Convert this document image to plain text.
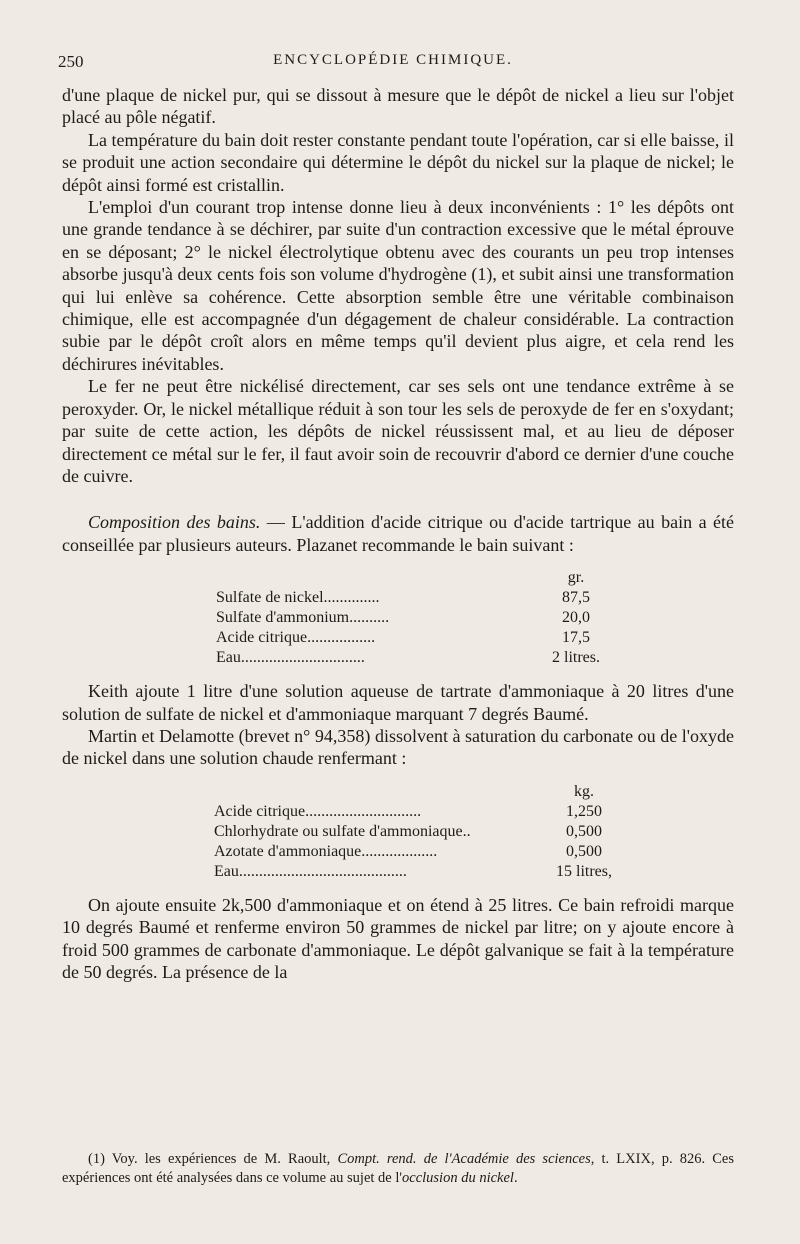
250	ENCYCLOPÉDIE CHIMIQUE.

d'une plaque de nickel pur, qui se dissout à mesure que le dépôt de nickel a lieu sur l'objet placé au pôle négatif.

La température du bain doit rester constante pendant toute l'opération, car si elle baisse, il se produit une action secondaire qui détermine le dépôt du nickel sur la plaque de nickel; le dépôt ainsi formé est cristallin.

L'emploi d'un courant trop intense donne lieu à deux inconvénients : 1° les dépôts ont une grande tendance à se déchirer, par suite d'un contraction excessive que le métal éprouve en se déposant; 2° le nickel électrolytique obtenu avec des courants un peu trop intenses absorbe jusqu'à deux cents fois son volume d'hydrogène (1), et subit ainsi une transformation qui lui enlève sa cohérence. Cette absorption semble être une véritable combinaison chimique, elle est accompagnée d'un dégagement de chaleur considérable. La contraction subie par le dépôt croît alors en même temps qu'il devient plus aigre, et cela rend les déchirures inévitables.

Le fer ne peut être nickélisé directement, car ses sels ont une tendance extrême à se peroxyder. Or, le nickel métallique réduit à son tour les sels de peroxyde de fer en s'oxydant; par suite de cette action, les dépôts de nickel réussissent mal, et au lieu de déposer directement ce métal sur le fer, il faut avoir soin de recouvrir d'abord ce dernier d'une couche de cuivre.

Composition des bains. — L'addition d'acide citrique ou d'acide tartrique au bain a été conseillée par plusieurs auteurs. Plazanet recommande le bain suivant :

gr.
Sulfate de nickel..............	87,5
Sulfate d'ammonium..........	20,0
Acide citrique.................	17,5
Eau...............................	2 litres.

Keith ajoute 1 litre d'une solution aqueuse de tartrate d'ammoniaque à 20 litres d'une solution de sulfate de nickel et d'ammoniaque marquant 7 degrés Baumé.

Martin et Delamotte (brevet n° 94,358) dissolvent à saturation du carbonate ou de l'oxyde de nickel dans une solution chaude renfermant :

kg.
Acide citrique.............................	1,250
Chlorhydrate ou sulfate d'ammoniaque..	0,500
Azotate d'ammoniaque...................	0,500
Eau..........................................	15 litres,

On ajoute ensuite 2k,500 d'ammoniaque et on étend à 25 litres. Ce bain refroidi marque 10 degrés Baumé et renferme environ 50 grammes de nickel par litre; on y ajoute encore à froid 500 grammes de carbonate d'ammoniaque. Le dépôt galvanique se fait à la température de 50 degrés. La présence de la

(1) Voy. les expériences de M. Raoult, Compt. rend. de l'Académie des sciences, t. LXIX, p. 826. Ces expériences ont été analysées dans ce volume au sujet de l'occlusion du nickel.
